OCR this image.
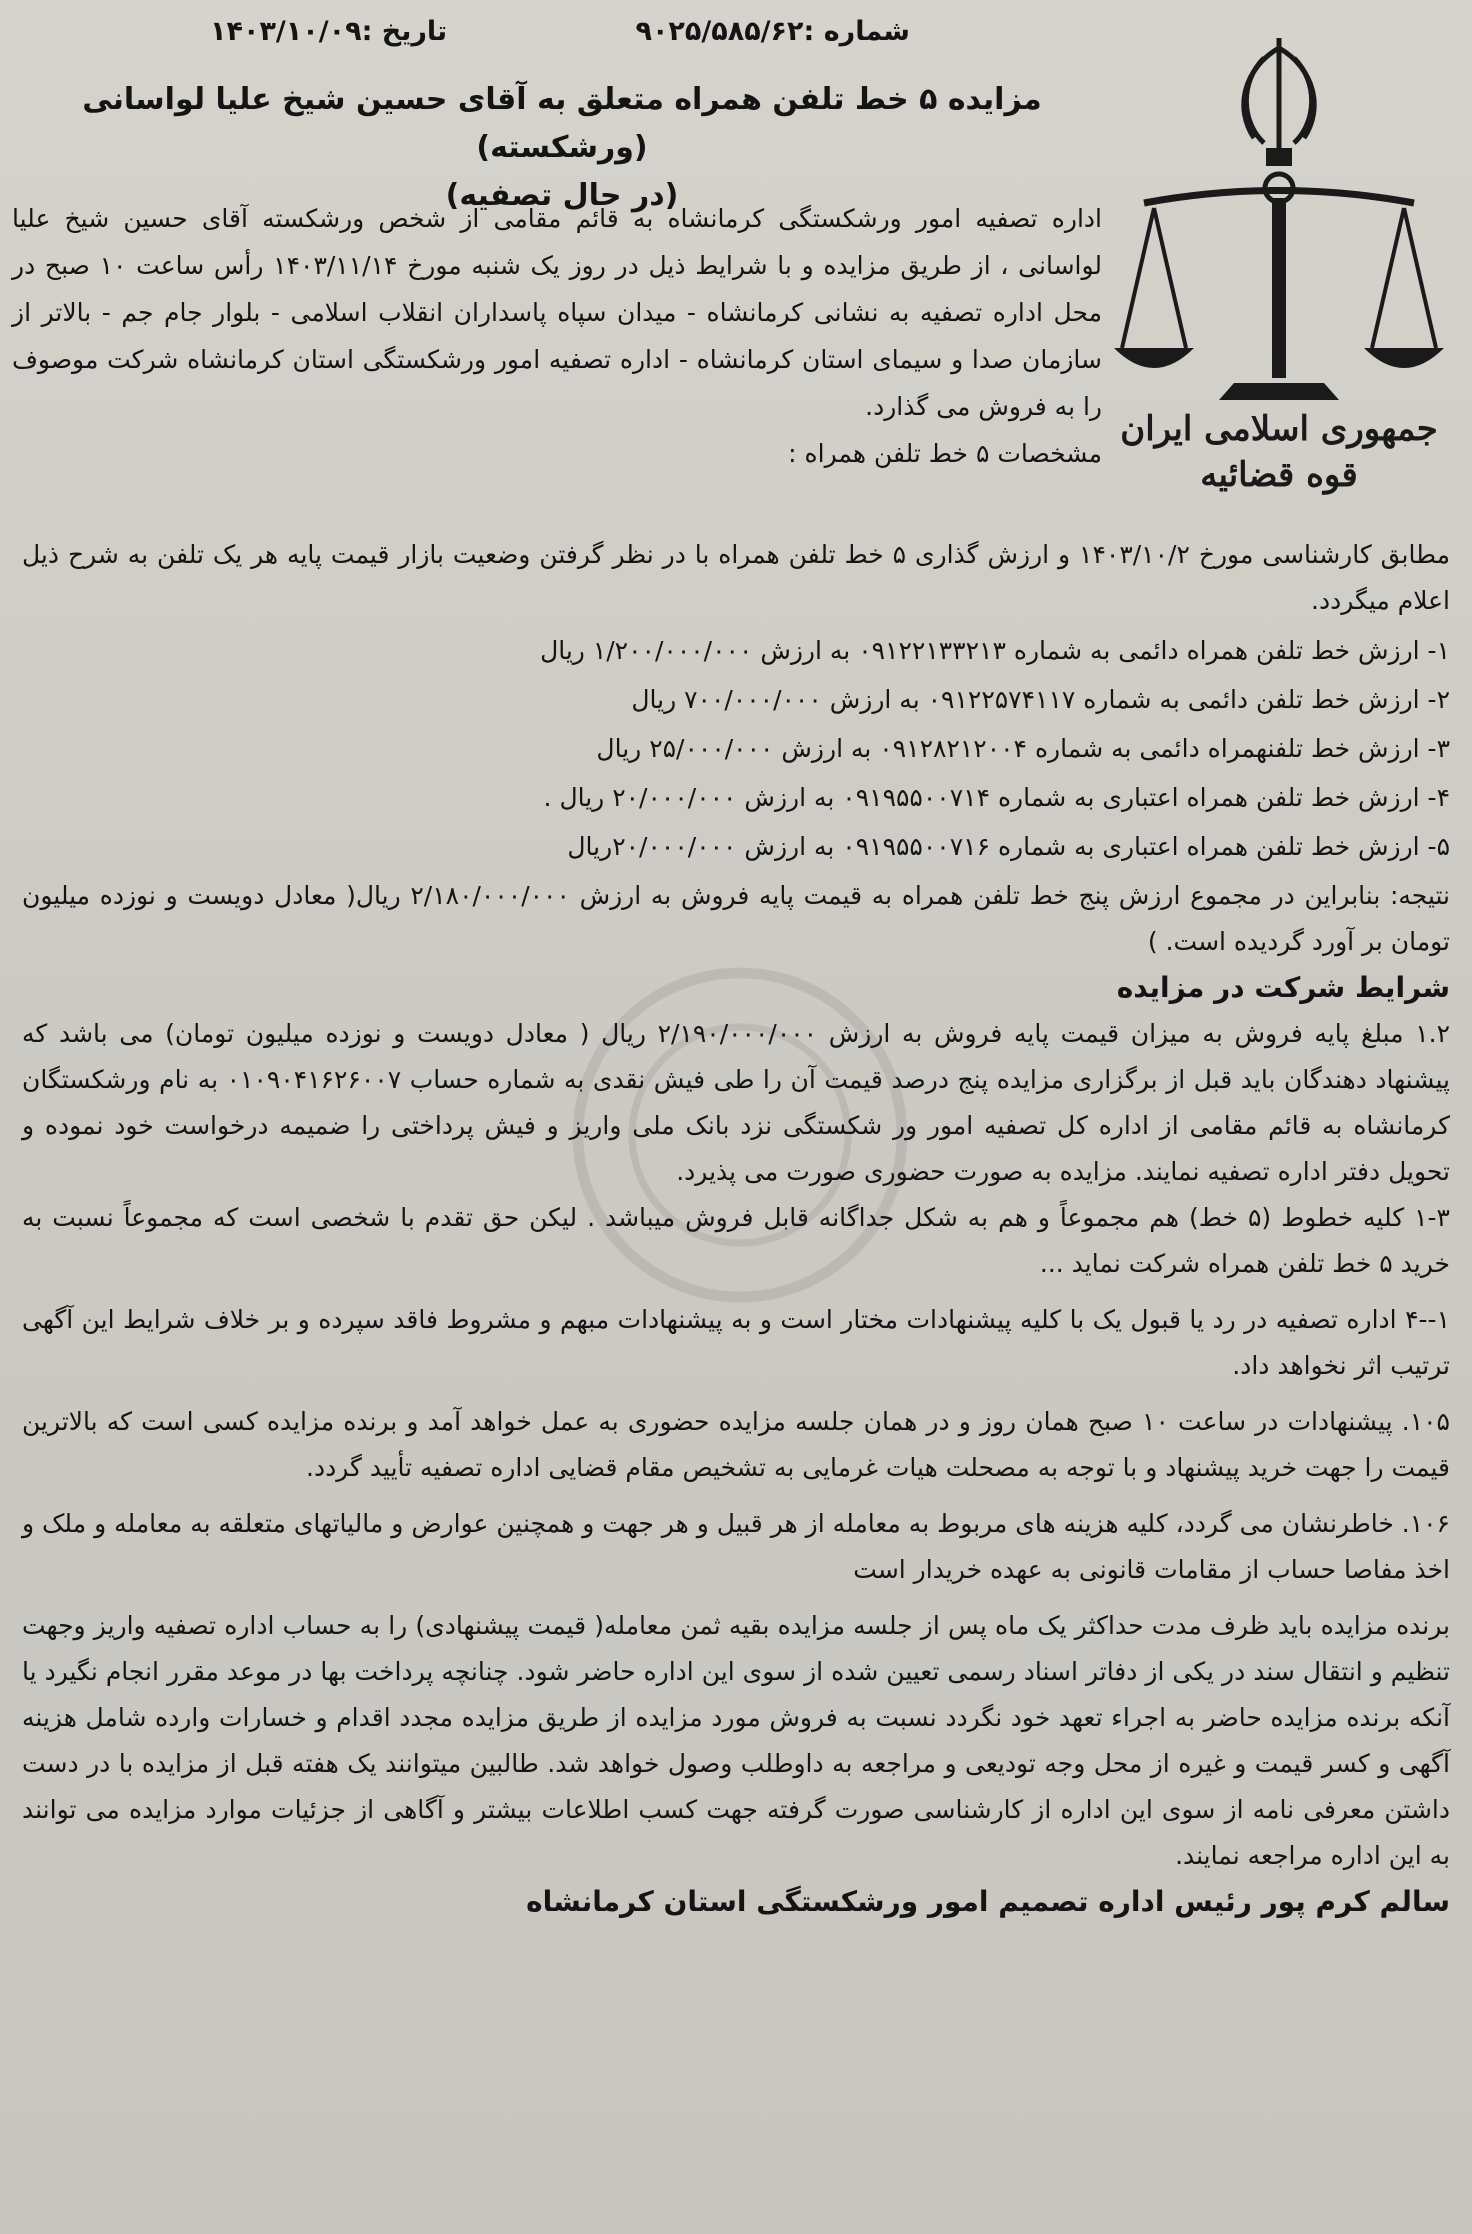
شماره :۹۰۲۵/۵۸۵/۶۲
تاریخ :۱۴۰۳/۱۰/۰۹
جمهوری اسلامی ایران
قوه قضائیه
مزایده ۵ خط تلفن همراه متعلق به آقای حسین شیخ علیا لواسانی (ورشکسته)
(در حال تصفیه)
اداره تصفیه امور ورشکستگی کرمانشاه به قائم مقامی از شخص ورشکسته آقای حسین شیخ علیا لواسانی ، از طریق مزایده و با شرایط ذیل در روز یک شنبه مورخ ۱۴۰۳/۱۱/۱۴ رأس ساعت ۱۰ صبح در محل اداره تصفیه به نشانی کرمانشاه - میدان سپاه پاسداران انقلاب اسلامی - بلوار جام جم - بالاتر از سازمان صدا و سیمای استان کرمانشاه - اداره تصفیه امور ورشکستگی استان کرمانشاه شرکت موصوف را به فروش می گذارد.
مشخصات ۵ خط تلفن همراه :

مطابق کارشناسی مورخ ۱۴۰۳/۱۰/۲ و ارزش گذاری ۵ خط تلفن همراه با در نظر گرفتن وضعیت بازار قیمت پایه هر یک تلفن به شرح ذیل اعلام میگردد.

۱- ارزش خط تلفن همراه دائمی به شماره ۰۹۱۲۲۱۳۳۲۱۳ به ارزش ۱/۲۰۰/۰۰۰/۰۰۰ ریال
۲- ارزش خط تلفن دائمی به شماره ۰۹۱۲۲۵۷۴۱۱۷ به ارزش ۷۰۰/۰۰۰/۰۰۰ ریال
۳- ارزش خط تلفنهمراه دائمی به شماره ۰۹۱۲۸۲۱۲۰۰۴ به ارزش ۲۵/۰۰۰/۰۰۰ ریال
۴- ارزش خط تلفن همراه اعتباری به شماره ۰۹۱۹۵۵۰۰۷۱۴ به ارزش ۲۰/۰۰۰/۰۰۰ ریال .
۵- ارزش خط تلفن همراه اعتباری به شماره ۰۹۱۹۵۵۰۰۷۱۶ به ارزش ۲۰/۰۰۰/۰۰۰ریال

نتیجه: بنابراین در مجموع ارزش پنج خط تلفن همراه به قیمت پایه فروش به ارزش ۲/۱۸۰/۰۰۰/۰۰۰ ریال( معادل دویست و نوزده میلیون تومان بر آورد گردیده است. )

شرایط شرکت در مزایده

۱.۲ مبلغ پایه فروش به میزان قیمت پایه فروش به ارزش ۲/۱۹۰/۰۰۰/۰۰۰ ریال ( معادل دویست و نوزده میلیون تومان) می باشد که پیشنهاد دهندگان باید قبل از برگزاری مزایده پنج درصد قیمت آن را طی فیش نقدی به شماره حساب ۰۱۰۹۰۴۱۶۲۶۰۰۷ به نام ورشکستگان کرمانشاه به قائم مقامی از اداره کل تصفیه امور ور شکستگی نزد بانک ملی واریز و فیش پرداختی را ضمیمه درخواست خود نموده و تحویل دفتر اداره تصفیه نمایند. مزایده به صورت حضوری صورت می پذیرد.

۱-۳ کلیه خطوط (۵ خط) هم مجموعاً و هم به شکل جداگانه قابل فروش میباشد . لیکن حق تقدم با شخصی است که مجموعاً نسبت به خرید ۵ خط تلفن همراه شرکت نماید ...

۱--۴ اداره تصفیه در رد یا قبول یک با کلیه پیشنهادات مختار است و به پیشنهادات مبهم و مشروط فاقد سپرده و بر خلاف شرایط این آگهی ترتیب اثر نخواهد داد.

۱۰۵. پیشنهادات در ساعت ۱۰ صبح همان روز و در همان جلسه مزایده حضوری به عمل خواهد آمد و برنده مزایده کسی است که بالاترین قیمت را جهت خرید پیشنهاد و با توجه به مصحلت هیات غرمایی به تشخیص مقام قضایی اداره تصفیه تأیید گردد.

۱۰۶. خاطرنشان می گردد، کلیه هزینه های مربوط به معامله از هر قبیل و هر جهت و همچنین عوارض و مالیاتهای متعلقه به معامله و ملک و اخذ مفاصا حساب از مقامات قانونی به عهده خریدار است

برنده مزایده باید ظرف مدت حداکثر یک ماه پس از جلسه مزایده بقیه ثمن معامله( قیمت پیشنهادی) را به حساب اداره تصفیه واریز وجهت تنظیم و انتقال سند در یکی از دفاتر اسناد رسمی تعیین شده از سوی این اداره حاضر شود. چنانچه پرداخت بها در موعد مقرر انجام نگیرد یا آنکه برنده مزایده حاضر به اجراء تعهد خود نگردد نسبت به فروش مورد مزایده از طریق مزایده مجدد اقدام و خسارات وارده شامل هزینه آگهی و کسر قیمت و غیره از محل وجه تودیعی و مراجعه به داوطلب وصول خواهد شد. طالبین میتوانند یک هفته قبل از مزایده با در دست داشتن معرفی نامه از سوی این اداره از کارشناسی صورت گرفته جهت کسب اطلاعات بیشتر و آگاهی از جزئیات موارد مزایده می توانند به این اداره مراجعه نمایند.

سالم کرم پور رئیس اداره تصمیم امور ورشکستگی استان کرمانشاه
